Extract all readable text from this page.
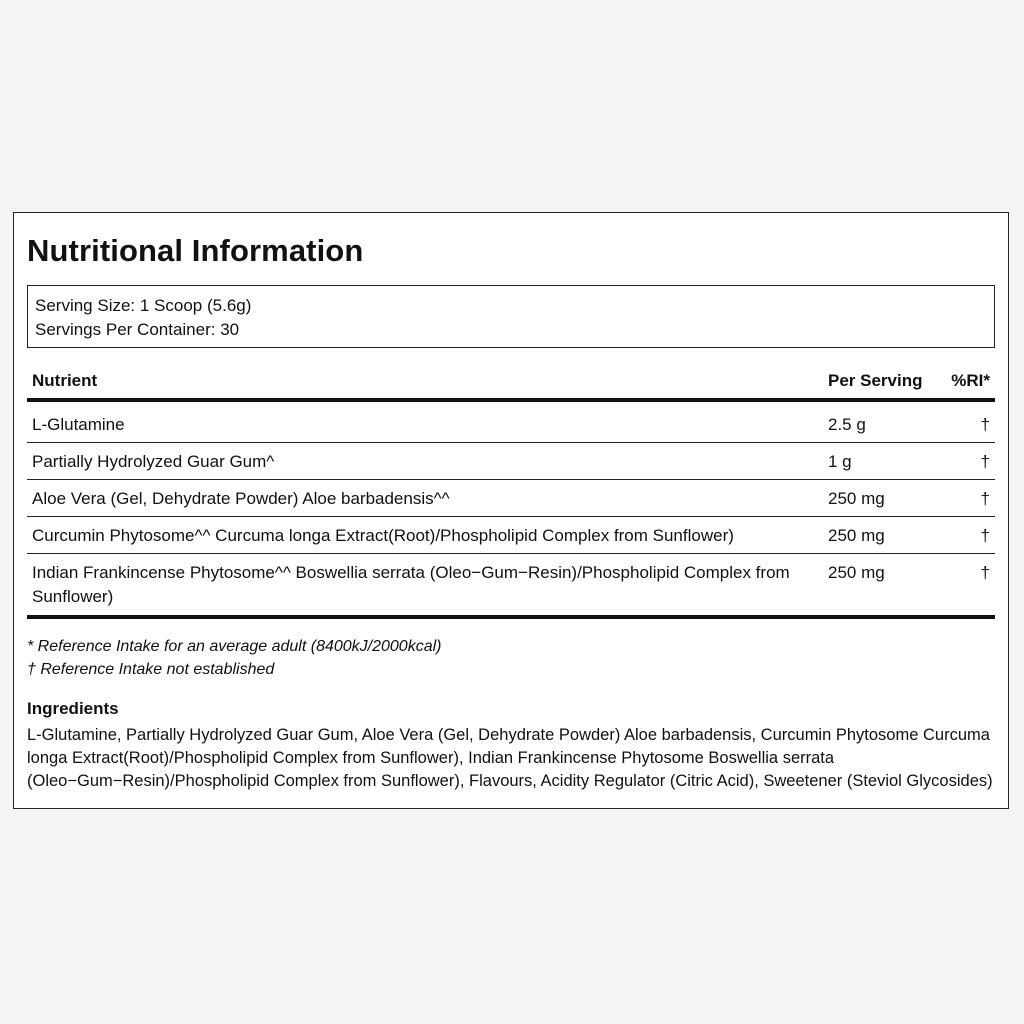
Nutritional Information
Serving Size: 1 Scoop (5.6g)
Servings Per Container: 30
Nutrient	Per Serving	%RI*
L-Glutamine	2.5 g	†
Partially Hydrolyzed Guar Gum^	1 g	†
Aloe Vera (Gel, Dehydrate Powder) Aloe barbadensis^^	250 mg	†
Curcumin Phytosome^^ Curcuma longa Extract(Root)/Phospholipid Complex from Sunflower)	250 mg	†
Indian Frankincense Phytosome^^ Boswellia serrata (Oleo−Gum−Resin)/Phospholipid Complex from Sunflower)	250 mg	†
* Reference Intake for an average adult (8400kJ/2000kcal)
† Reference Intake not established
Ingredients
L-Glutamine, Partially Hydrolyzed Guar Gum, Aloe Vera (Gel, Dehydrate Powder) Aloe barbadensis, Curcumin Phytosome Curcuma longa Extract(Root)/Phospholipid Complex from Sunflower), Indian Frankincense Phytosome Boswellia serrata (Oleo−Gum−Resin)/Phospholipid Complex from Sunflower), Flavours, Acidity Regulator (Citric Acid), Sweetener (Steviol Glycosides)
